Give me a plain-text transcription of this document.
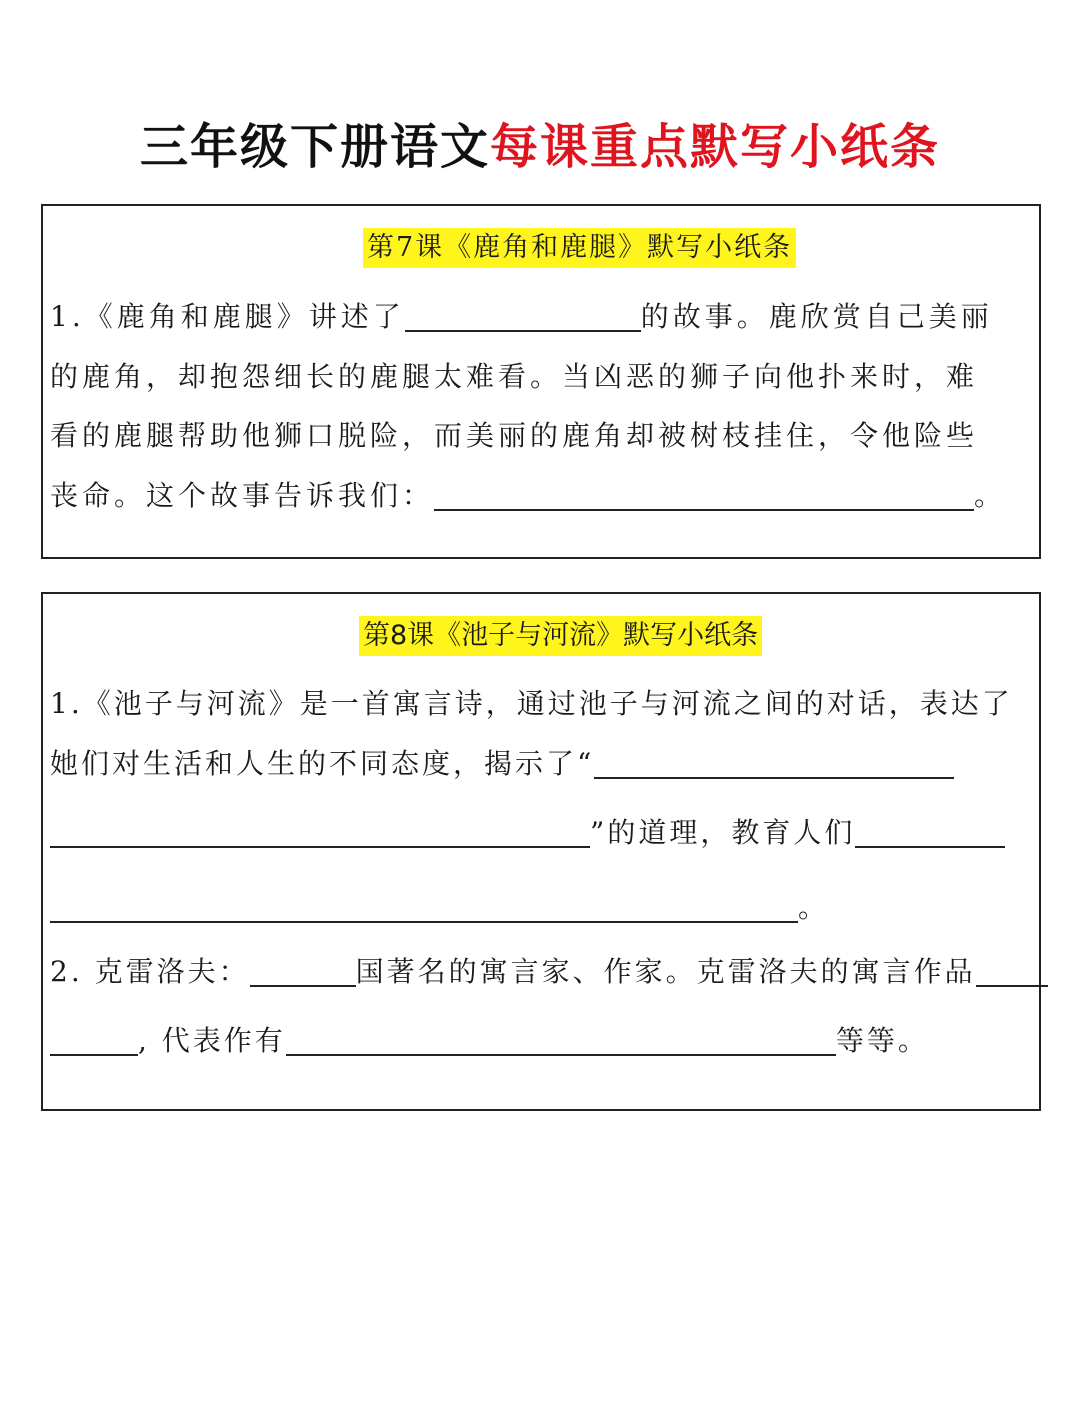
三年级下册语文每课重点默写小纸条
第7课《鹿角和鹿腿》默写小纸条
1.《鹿角和鹿腿》讲述了	的故事。鹿欣赏自己美丽
的鹿角，却抱怨细长的鹿腿太难看。当凶恶的狮子向他扑来时，难
看的鹿腿帮助他狮口脱险，而美丽的鹿角却被树枝挂住，令他险些
丧命。这个故事告诉我们：	。
第8课《池子与河流》默写小纸条
1.《池子与河流》是一首寓言诗，通过池子与河流之间的对话，表达了
她们对生活和人生的不同态度，揭示了“
”的道理，教育人们
。
2. 克雷洛夫：	国著名的寓言家、作家。克雷洛夫的寓言作品
, 代表作有	等等。
